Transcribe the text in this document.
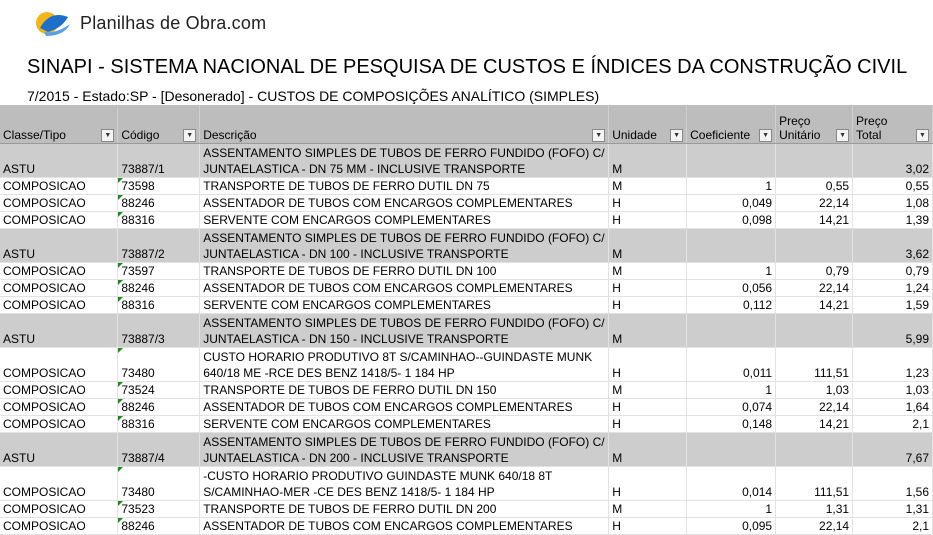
Planilhas de Obra.com
SINAPI - SISTEMA NACIONAL DE PESQUISA DE CUSTOS E ÍNDICES DA CONSTRUÇÃO CIVIL
7/2015 - Estado:SP - [Desonerado] - CUSTOS DE COMPOSIÇÕES ANALÍTICO (SIMPLES)
Classe/Tipo ▼	Código ▼	Descrição ▼	Unidade ▼	Coeficiente ▼	Preço Unitário ▼	Preço Total ▼

ASTU	73887/1	ASSENTAMENTO SIMPLES DE TUBOS DE FERRO FUNDIDO (FOFO) C/
JUNTAELASTICA - DN 75 MM - INCLUSIVE TRANSPORTE	M			3,02
COMPOSICAO	73598	TRANSPORTE DE TUBOS DE FERRO DUTIL DN 75	M	1	0,55	0,55
COMPOSICAO	88246	ASSENTADOR DE TUBOS COM ENCARGOS COMPLEMENTARES	H	0,049	22,14	1,08
COMPOSICAO	88316	SERVENTE COM ENCARGOS COMPLEMENTARES	H	0,098	14,21	1,39
ASTU	73887/2	ASSENTAMENTO SIMPLES DE TUBOS DE FERRO FUNDIDO (FOFO) C/
JUNTAELASTICA - DN 100 - INCLUSIVE TRANSPORTE	M			3,62
COMPOSICAO	73597	TRANSPORTE DE TUBOS DE FERRO DUTIL DN 100	M	1	0,79	0,79
COMPOSICAO	88246	ASSENTADOR DE TUBOS COM ENCARGOS COMPLEMENTARES	H	0,056	22,14	1,24
COMPOSICAO	88316	SERVENTE COM ENCARGOS COMPLEMENTARES	H	0,112	14,21	1,59
ASTU	73887/3	ASSENTAMENTO SIMPLES DE TUBOS DE FERRO FUNDIDO (FOFO) C/
JUNTAELASTICA - DN 150 - INCLUSIVE TRANSPORTE	M			5,99
COMPOSICAO	73480	CUSTO HORARIO PRODUTIVO 8T S/CAMINHAO--GUINDASTE MUNK
640/18 ME -RCE DES BENZ 1418/5- 1 184 HP	H	0,011	111,51	1,23
COMPOSICAO	73524	TRANSPORTE DE TUBOS DE FERRO DUTIL DN 150	M	1	1,03	1,03
COMPOSICAO	88246	ASSENTADOR DE TUBOS COM ENCARGOS COMPLEMENTARES	H	0,074	22,14	1,64
COMPOSICAO	88316	SERVENTE COM ENCARGOS COMPLEMENTARES	H	0,148	14,21	2,1
ASTU	73887/4	ASSENTAMENTO SIMPLES DE TUBOS DE FERRO FUNDIDO (FOFO) C/
JUNTAELASTICA - DN 200 - INCLUSIVE TRANSPORTE	M			7,67
COMPOSICAO	73480	-CUSTO HORARIO PRODUTIVO GUINDASTE MUNK 640/18 8T
S/CAMINHAO-MER -CE DES BENZ 1418/5- 1 184 HP	H	0,014	111,51	1,56
COMPOSICAO	73523	TRANSPORTE DE TUBOS DE FERRO DUTIL DN 200	M	1	1,31	1,31
COMPOSICAO	88246	ASSENTADOR DE TUBOS COM ENCARGOS COMPLEMENTARES	H	0,095	22,14	2,1
